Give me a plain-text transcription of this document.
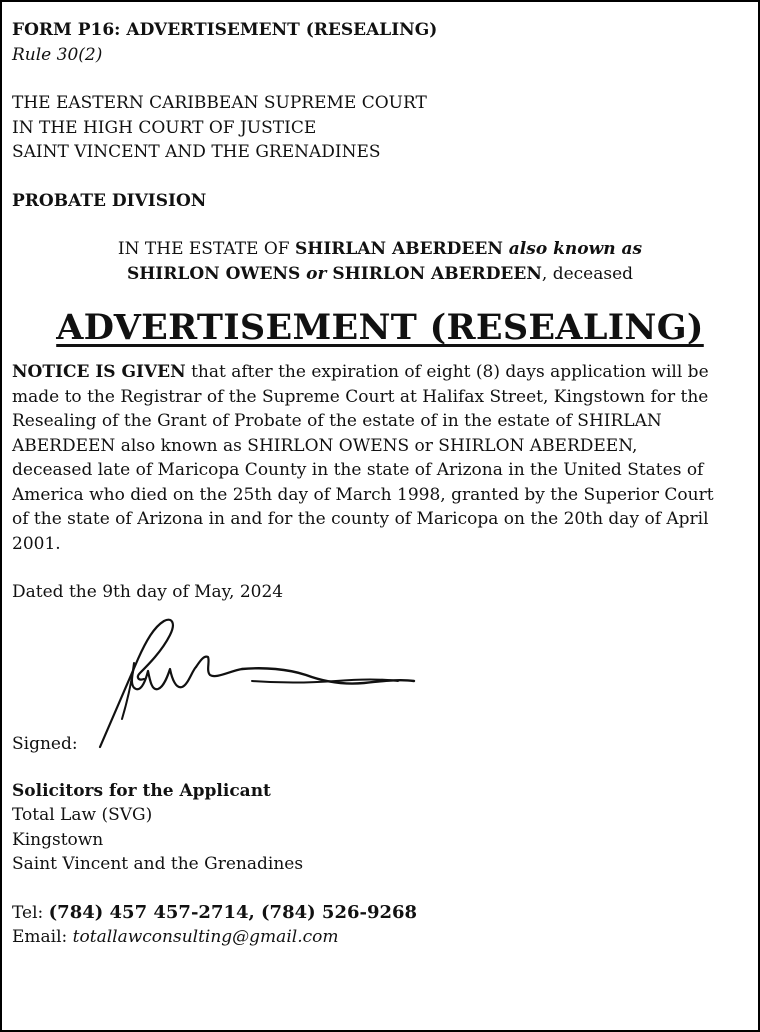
FORM P16: ADVERTISEMENT (RESEALING)
Rule 30(2)
THE EASTERN CARIBBEAN SUPREME COURT
IN THE HIGH COURT OF JUSTICE
SAINT VINCENT AND THE GRENADINES
PROBATE DIVISION
IN THE ESTATE OF SHIRLAN ABERDEEN also known as
SHIRLON OWENS or SHIRLON ABERDEEN, deceased
ADVERTISEMENT (RESEALING)
NOTICE IS GIVEN that after the expiration of eight (8) days application will be
made to the Registrar of the Supreme Court at Halifax Street, Kingstown for the
Resealing of the Grant of Probate of the estate of in the estate of SHIRLAN
ABERDEEN also known as SHIRLON OWENS or SHIRLON ABERDEEN,
deceased late of Maricopa County in the state of Arizona in the United States of
America who died on the 25th day of March 1998, granted by the Superior Court
of the state of Arizona in and for the county of Maricopa on the 20th day of April
2001.
Dated the 9th day of May, 2024
Signed:
Solicitors for the Applicant
Total Law (SVG)
Kingstown
Saint Vincent and the Grenadines
Tel: (784) 457 457-2714, (784) 526-9268
Email: totallawconsulting@gmail.com
